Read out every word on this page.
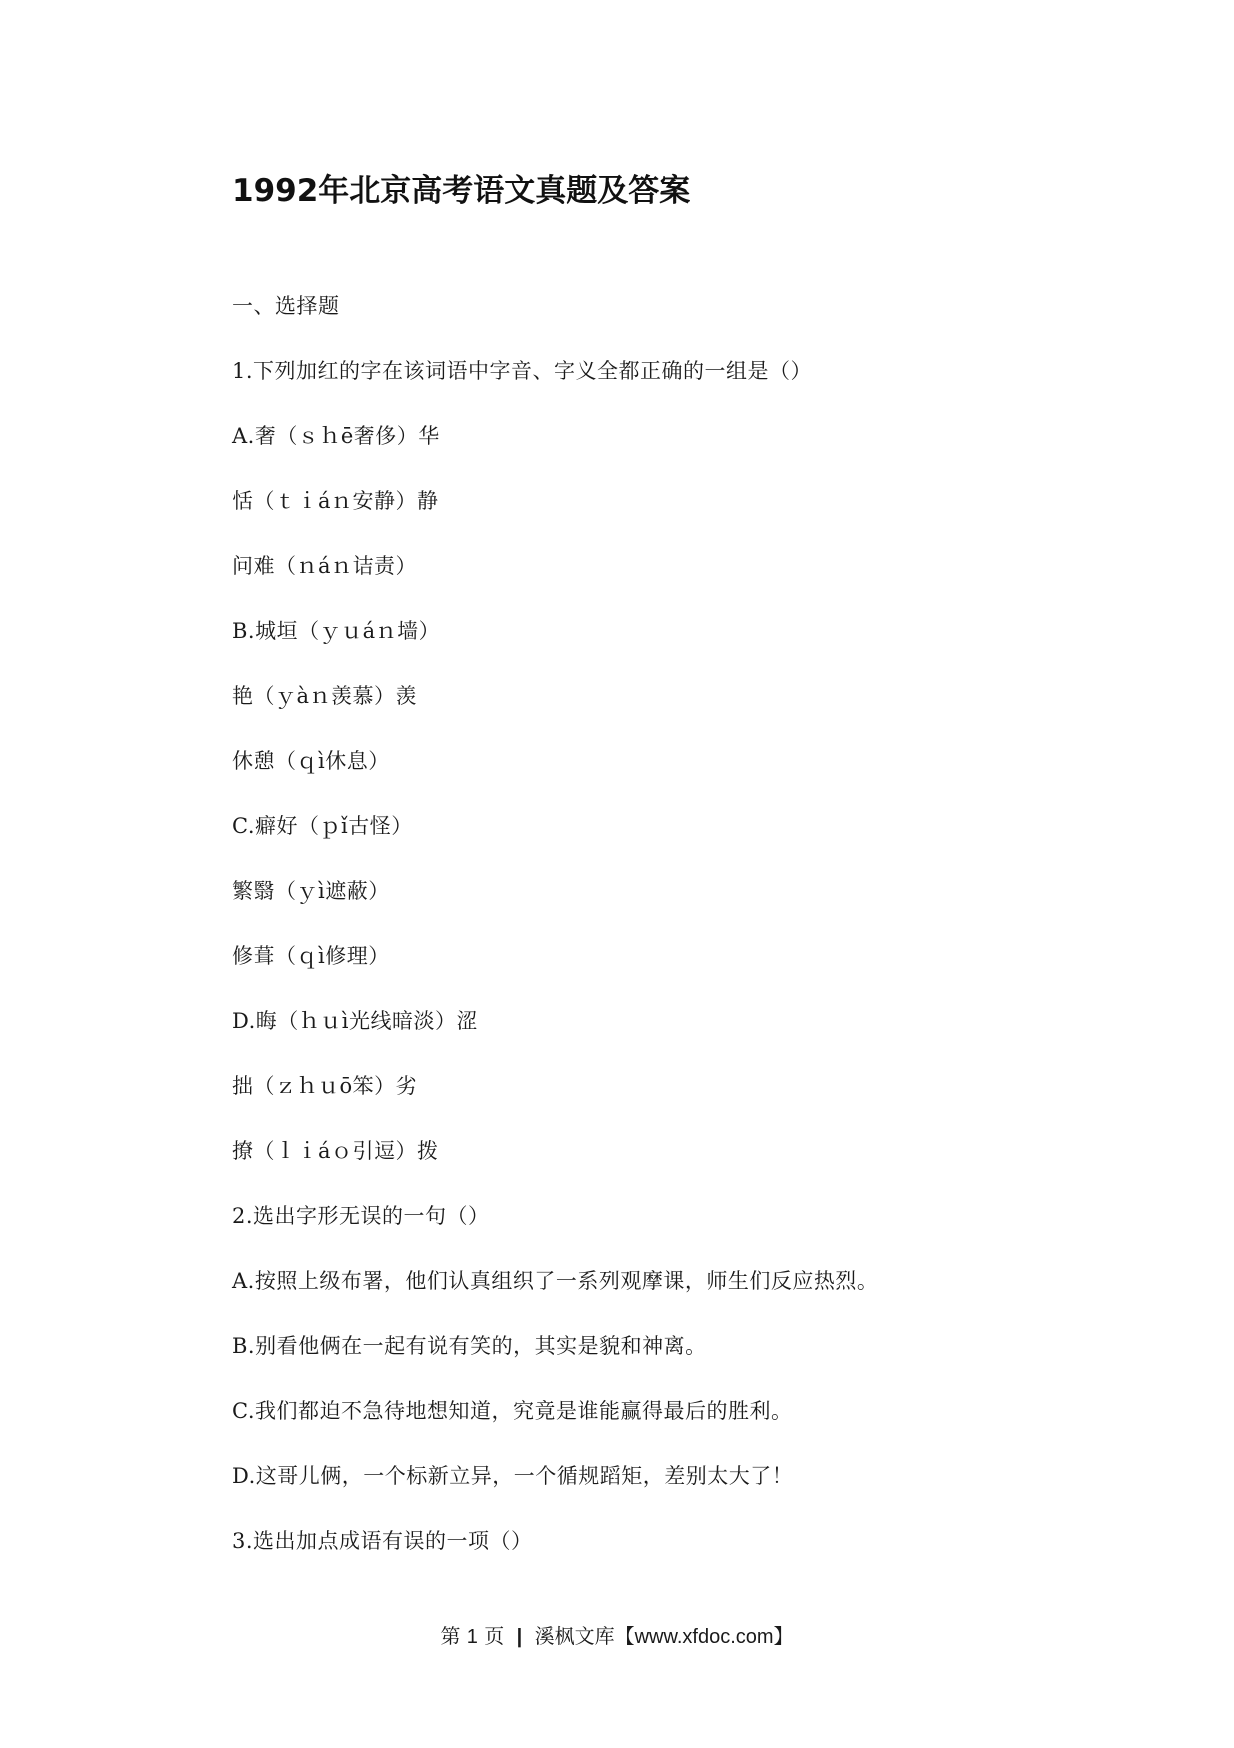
1992年北京高考语文真题及答案
一、选择题
1.下列加红的字在该词语中字音、字义全都正确的一组是（）
A.奢（ｓｈē奢侈）华
恬（ｔｉáｎ安静）静
问难（ｎáｎ诘责）
B.城垣（ｙｕáｎ墙）
艳（ｙàｎ羡慕）羡
休憩（ｑì休息）
C.癖好（ｐǐ古怪）
繁翳（ｙì遮蔽）
修葺（ｑì修理）
D.晦（ｈｕì光线暗淡）涩
拙（ｚｈｕō笨）劣
撩（ｌｉáｏ引逗）拨
2.选出字形无误的一句（）
A.按照上级布署，他们认真组织了一系列观摩课，师生们反应热烈。
B.别看他俩在一起有说有笑的，其实是貌和神离。
C.我们都迫不急待地想知道，究竟是谁能赢得最后的胜利。
D.这哥儿俩，一个标新立异，一个循规蹈矩，差别太大了！
3.选出加点成语有误的一项（）
第 1 页 | 溪枫文库【www.xfdoc.com】
